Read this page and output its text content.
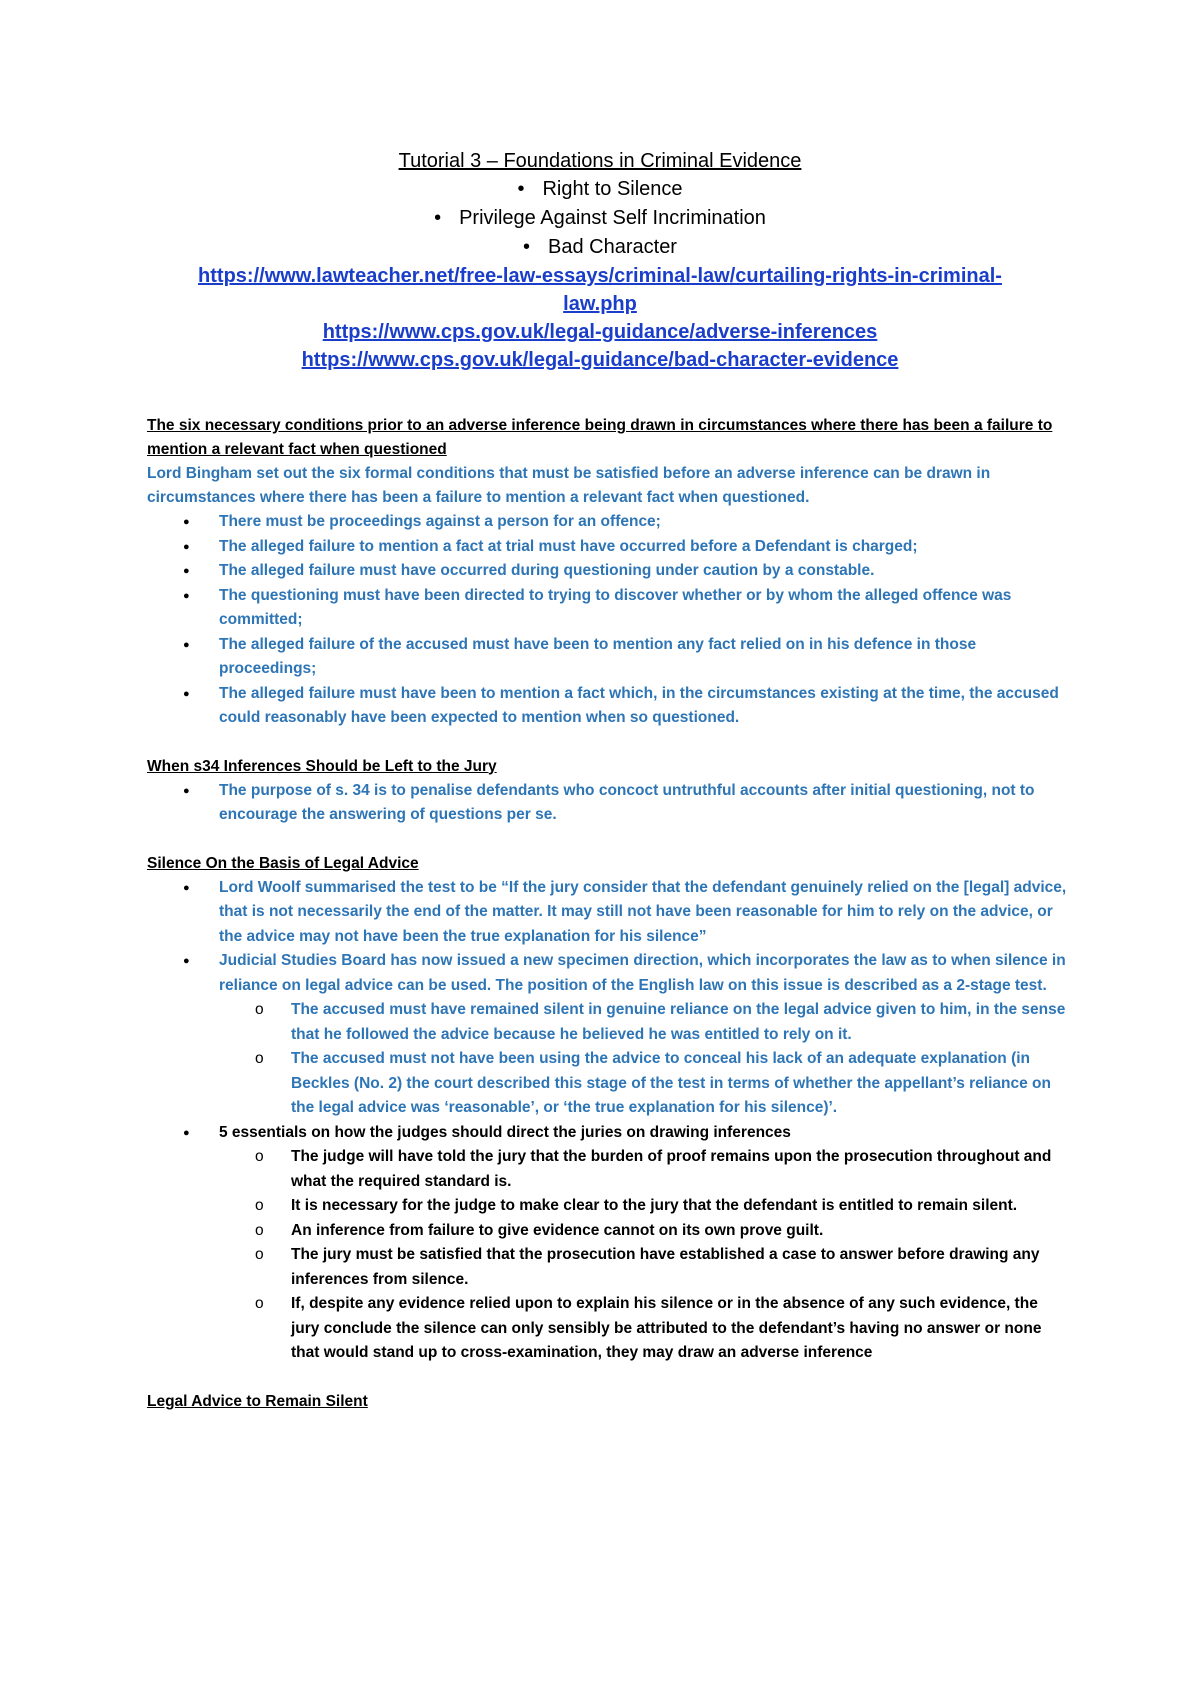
Tutorial 3 – Foundations in Criminal Evidence
• Right to Silence
• Privilege Against Self Incrimination
• Bad Character
https://www.lawteacher.net/free-law-essays/criminal-law/curtailing-rights-in-criminal-law.php
https://www.cps.gov.uk/legal-guidance/adverse-inferences
https://www.cps.gov.uk/legal-guidance/bad-character-evidence
The six necessary conditions prior to an adverse inference being drawn in circumstances where there has been a failure to mention a relevant fact when questioned
Lord Bingham set out the six formal conditions that must be satisfied before an adverse inference can be drawn in circumstances where there has been a failure to mention a relevant fact when questioned.
● There must be proceedings against a person for an offence;
● The alleged failure to mention a fact at trial must have occurred before a Defendant is charged;
● The alleged failure must have occurred during questioning under caution by a constable.
● The questioning must have been directed to trying to discover whether or by whom the alleged offence was committed;
● The alleged failure of the accused must have been to mention any fact relied on in his defence in those proceedings;
● The alleged failure must have been to mention a fact which, in the circumstances existing at the time, the accused could reasonably have been expected to mention when so questioned.
When s34 Inferences Should be Left to the Jury
● The purpose of s. 34 is to penalise defendants who concoct untruthful accounts after initial questioning, not to encourage the answering of questions per se.
Silence On the Basis of Legal Advice
● Lord Woolf summarised the test to be “If the jury consider that the defendant genuinely relied on the [legal] advice, that is not necessarily the end of the matter. It may still not have been reasonable for him to rely on the advice, or the advice may not have been the true explanation for his silence”
● Judicial Studies Board has now issued a new specimen direction, which incorporates the law as to when silence in reliance on legal advice can be used. The position of the English law on this issue is described as a 2-stage test.
o The accused must have remained silent in genuine reliance on the legal advice given to him, in the sense that he followed the advice because he believed he was entitled to rely on it.
o The accused must not have been using the advice to conceal his lack of an adequate explanation (in Beckles (No. 2) the court described this stage of the test in terms of whether the appellant’s reliance on the legal advice was ‘reasonable’, or ‘the true explanation for his silence)’.
● 5 essentials on how the judges should direct the juries on drawing inferences
o The judge will have told the jury that the burden of proof remains upon the prosecution throughout and what the required standard is.
o It is necessary for the judge to make clear to the jury that the defendant is entitled to remain silent.
o An inference from failure to give evidence cannot on its own prove guilt.
o The jury must be satisfied that the prosecution have established a case to answer before drawing any inferences from silence.
o If, despite any evidence relied upon to explain his silence or in the absence of any such evidence, the jury conclude the silence can only sensibly be attributed to the defendant’s having no answer or none that would stand up to cross-examination, they may draw an adverse inference
Legal Advice to Remain Silent
